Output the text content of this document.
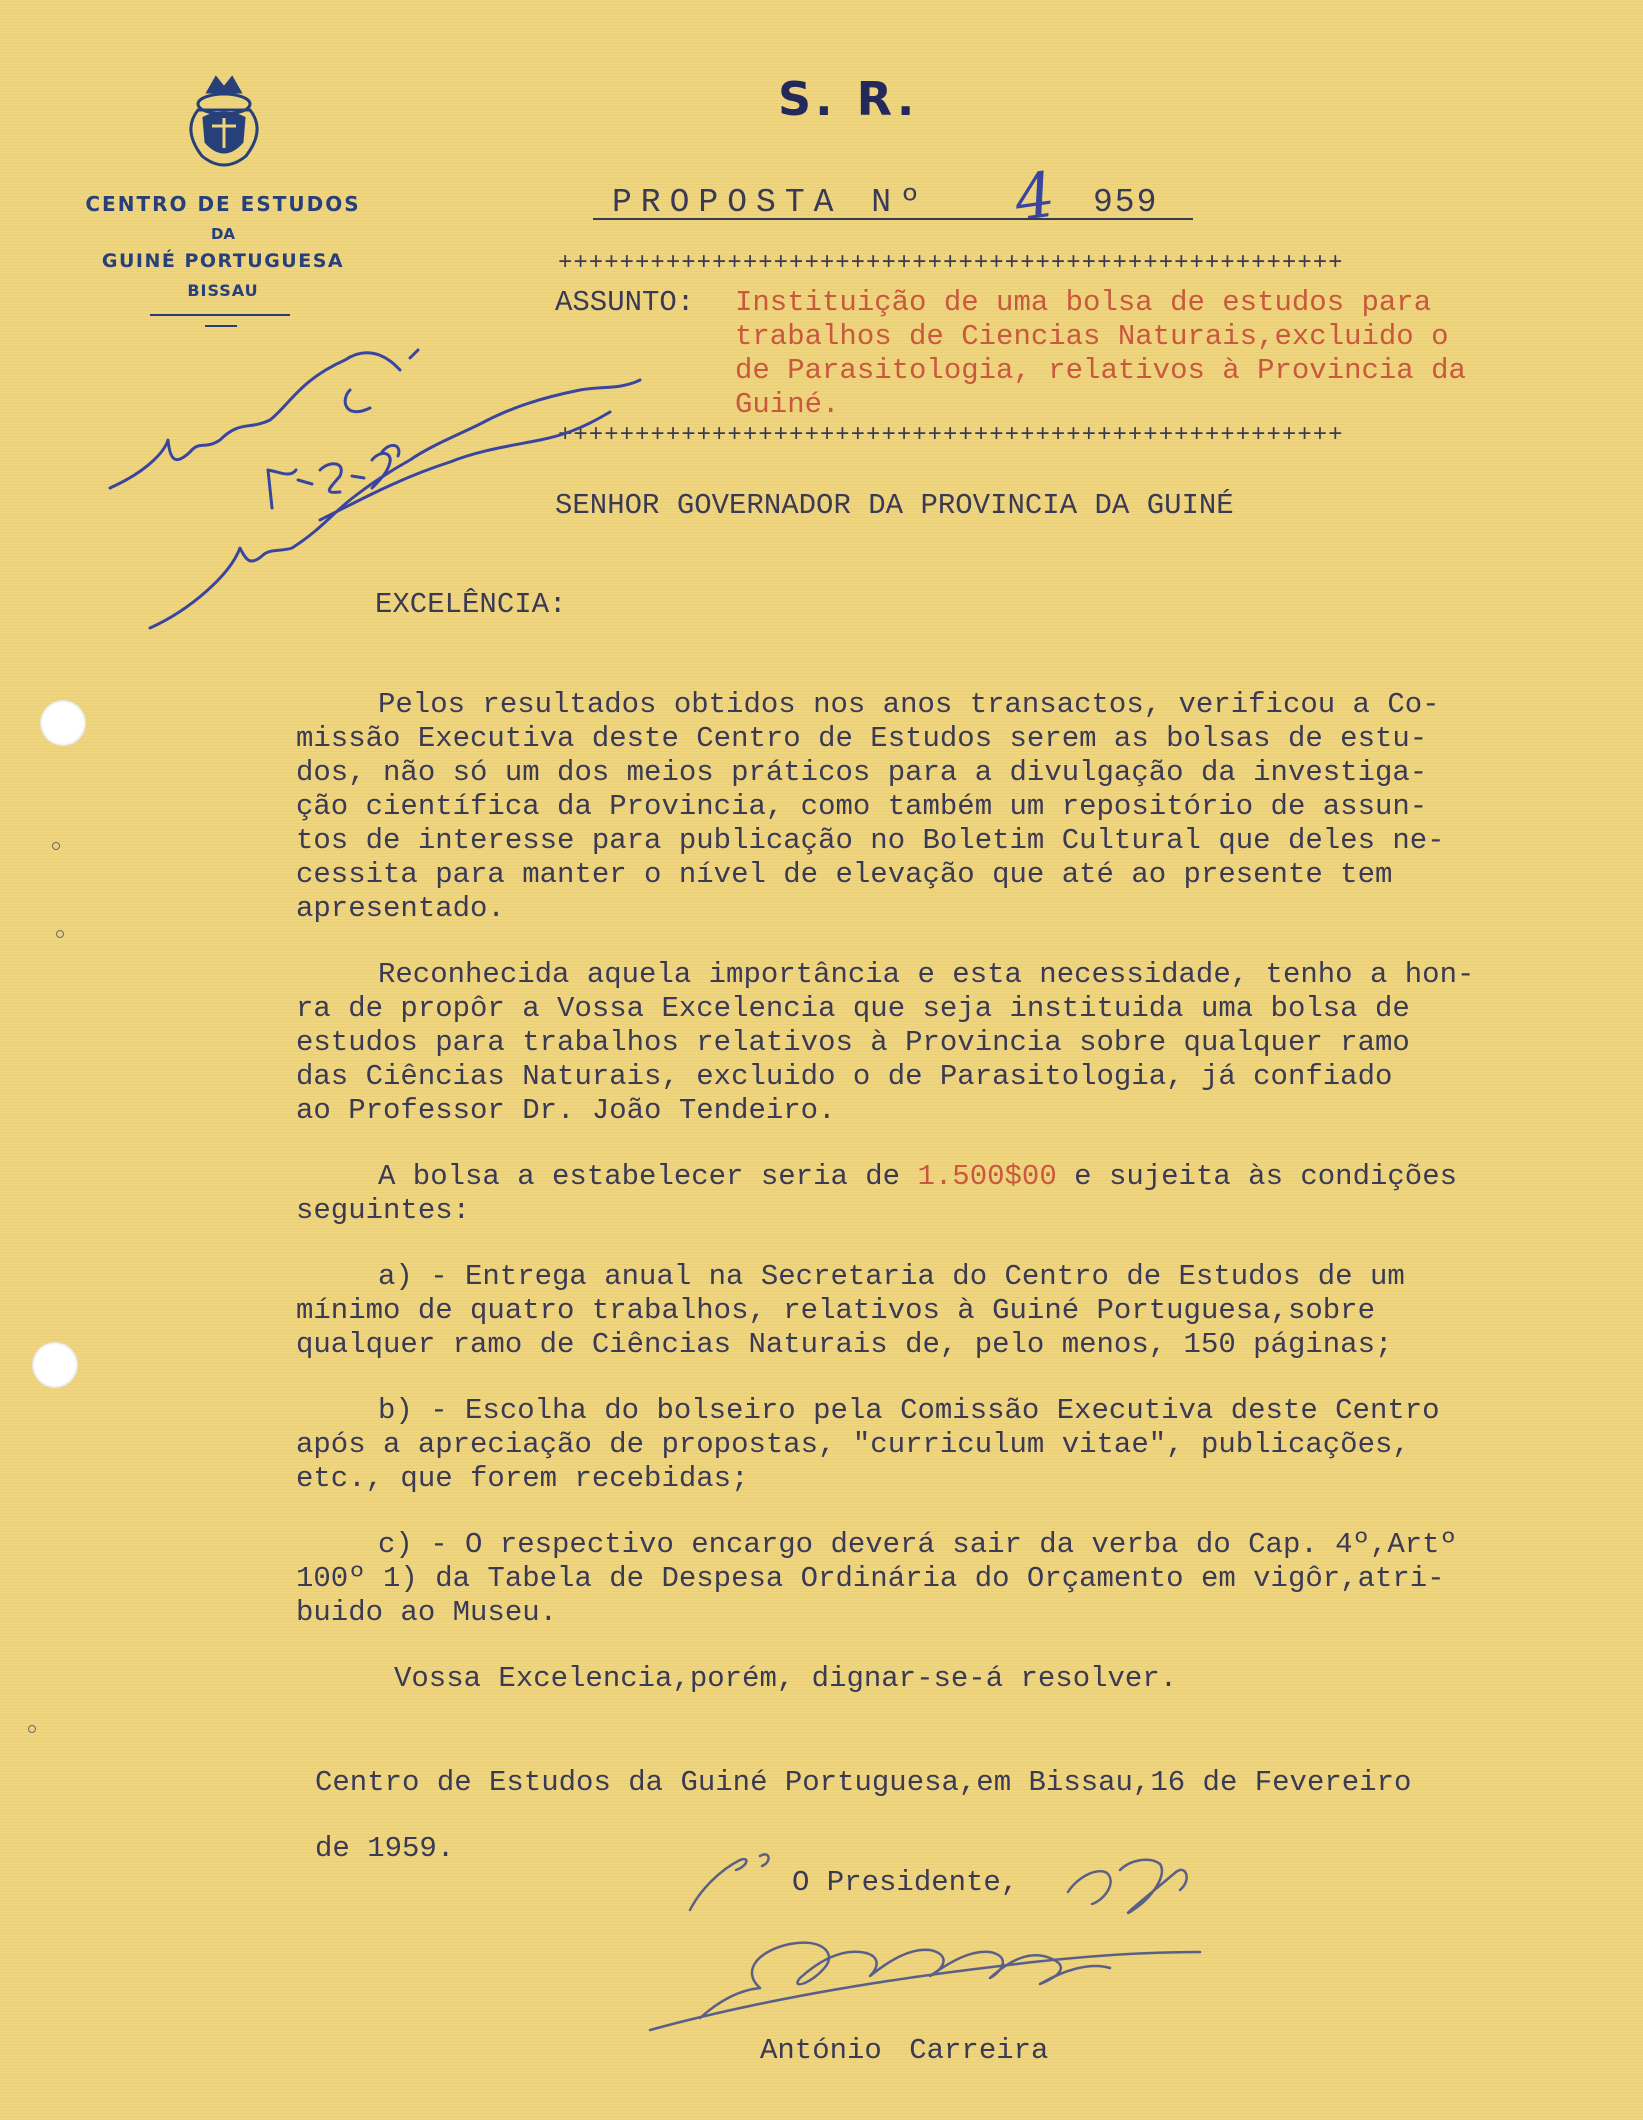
CENTRO DE ESTUDOS
DA
GUINÉ PORTUGUESA
BISSAU
S. R.
PROPOSTA Nº 4 959
+++++++++++++++++++++++++++++++++++++++++++++++++++
ASSUNTO: Instituição de uma bolsa de estudos para
trabalhos de Ciencias Naturais,excluido o
de Parasitologia, relativos à Provincia da
Guiné.
+++++++++++++++++++++++++++++++++++++++++++++++++++
SENHOR GOVERNADOR DA PROVINCIA DA GUINÉ
EXCELÊNCIA:
Pelos resultados obtidos nos anos transactos, verificou a Co-
missão Executiva deste Centro de Estudos serem as bolsas de estu-
dos, não só um dos meios práticos para a divulgação da investiga-
ção científica da Provincia, como também um repositório de assun-
tos de interesse para publicação no Boletim Cultural que deles ne-
cessita para manter o nível de elevação que até ao presente tem
apresentado.
Reconhecida aquela importância e esta necessidade, tenho a hon-
ra de propôr a Vossa Excelencia que seja instituida uma bolsa de
estudos para trabalhos relativos à Provincia sobre qualquer ramo
das Ciências Naturais, excluido o de Parasitologia, já confiado
ao Professor Dr. João Tendeiro.
A bolsa a estabelecer seria de 1.500$00 e sujeita às condições
seguintes:
a) - Entrega anual na Secretaria do Centro de Estudos de um
mínimo de quatro trabalhos, relativos à Guiné Portuguesa,sobre
qualquer ramo de Ciências Naturais de, pelo menos, 150 páginas;
b) - Escolha do bolseiro pela Comissão Executiva deste Centro
após a apreciação de propostas, "curriculum vitae", publicações,
etc., que forem recebidas;
c) - O respectivo encargo deverá sair da verba do Cap. 4º,Artº
100º 1) da Tabela de Despesa Ordinária do Orçamento em vigôr,atri-
buido ao Museu.
Vossa Excelencia,porém, dignar-se-á resolver.
Centro de Estudos da Guiné Portuguesa,em Bissau,16 de Fevereiro
de 1959.
O Presidente,
António Carreira
